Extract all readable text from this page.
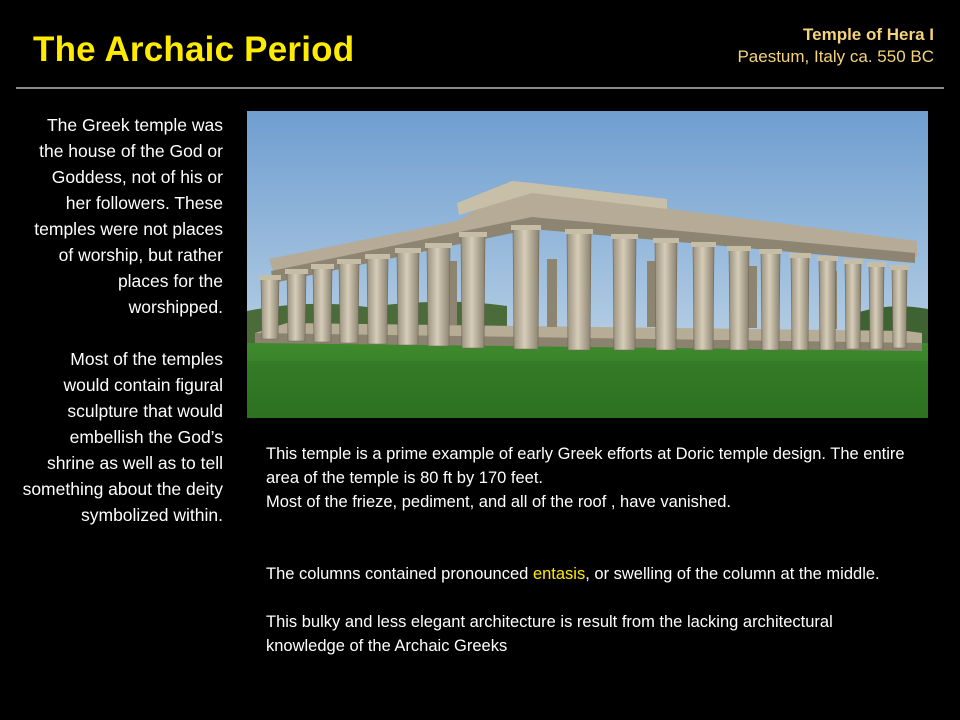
The Archaic Period	Temple of Hera I
Paestum, Italy ca. 550 BC

The Greek temple was the house of the God or Goddess, not of his or her followers. These temples were not places of worship, but rather places for the worshipped.

Most of the temples would contain figural sculpture that would embellish the God’s shrine as well as to tell something about the deity symbolized within.

This temple is a prime example of early Greek efforts at Doric temple design. The entire area of the temple is 80 ft by 170 feet.

Most of the frieze, pediment, and all of the roof , have vanished.

The columns contained pronounced entasis, or swelling of the column at the middle.

This bulky and less elegant architecture is result from the lacking architectural knowledge of the Archaic Greeks
